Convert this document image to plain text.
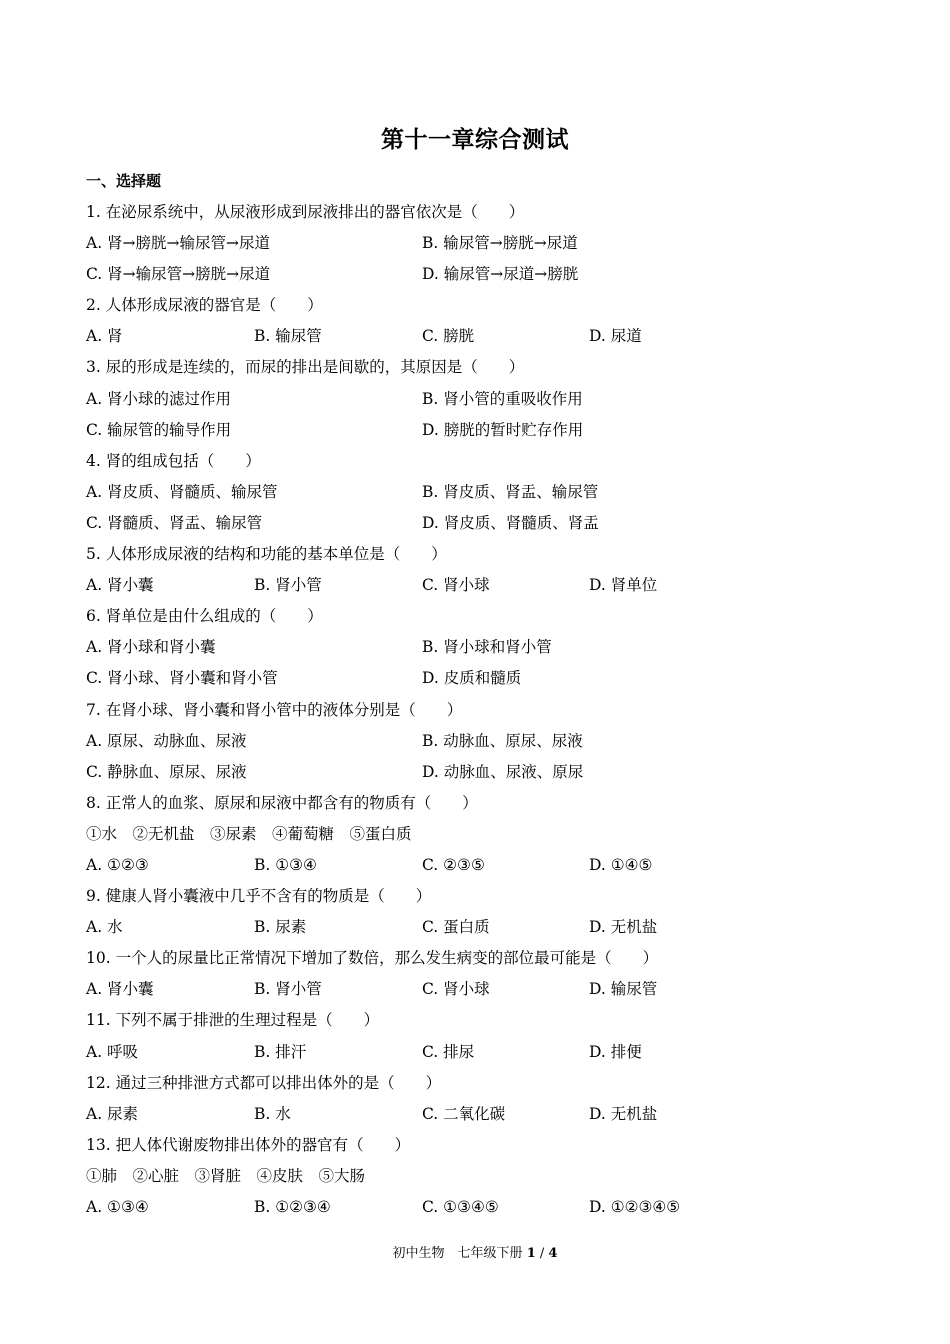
第十一章综合测试
一、选择题
1. 在泌尿系统中，从尿液形成到尿液排出的器官依次是（　　）
A. 肾→膀胱→输尿管→尿道	B. 输尿管→膀胱→尿道
C. 肾→输尿管→膀胱→尿道	D. 输尿管→尿道→膀胱
2. 人体形成尿液的器官是（　　）
A. 肾	B. 输尿管	C. 膀胱	D. 尿道
3. 尿的形成是连续的，而尿的排出是间歇的，其原因是（　　）
A. 肾小球的滤过作用	B. 肾小管的重吸收作用
C. 输尿管的输导作用	D. 膀胱的暂时贮存作用
4. 肾的组成包括（　　）
A. 肾皮质、肾髓质、输尿管	B. 肾皮质、肾盂、输尿管
C. 肾髓质、肾盂、输尿管	D. 肾皮质、肾髓质、肾盂
5. 人体形成尿液的结构和功能的基本单位是（　　）
A. 肾小囊	B. 肾小管	C. 肾小球	D. 肾单位
6. 肾单位是由什么组成的（　　）
A. 肾小球和肾小囊	B. 肾小球和肾小管
C. 肾小球、肾小囊和肾小管	D. 皮质和髓质
7. 在肾小球、肾小囊和肾小管中的液体分别是（　　）
A. 原尿、动脉血、尿液	B. 动脉血、原尿、尿液
C. 静脉血、原尿、尿液	D. 动脉血、尿液、原尿
8. 正常人的血浆、原尿和尿液中都含有的物质有（　　）
①水　②无机盐　③尿素　④葡萄糖　⑤蛋白质
A. ①②③	B. ①③④	C. ②③⑤	D. ①④⑤
9. 健康人肾小囊液中几乎不含有的物质是（　　）
A. 水	B. 尿素	C. 蛋白质	D. 无机盐
10. 一个人的尿量比正常情况下增加了数倍，那么发生病变的部位最可能是（　　）
A. 肾小囊	B. 肾小管	C. 肾小球	D. 输尿管
11. 下列不属于排泄的生理过程是（　　）
A. 呼吸	B. 排汗	C. 排尿	D. 排便
12. 通过三种排泄方式都可以排出体外的是（　　）
A. 尿素	B. 水	C. 二氧化碳	D. 无机盐
13. 把人体代谢废物排出体外的器官有（　　）
①肺　②心脏　③肾脏　④皮肤　⑤大肠
A. ①③④	B. ①②③④	C. ①③④⑤	D. ①②③④⑤
初中生物　七年级下册 1 / 4
